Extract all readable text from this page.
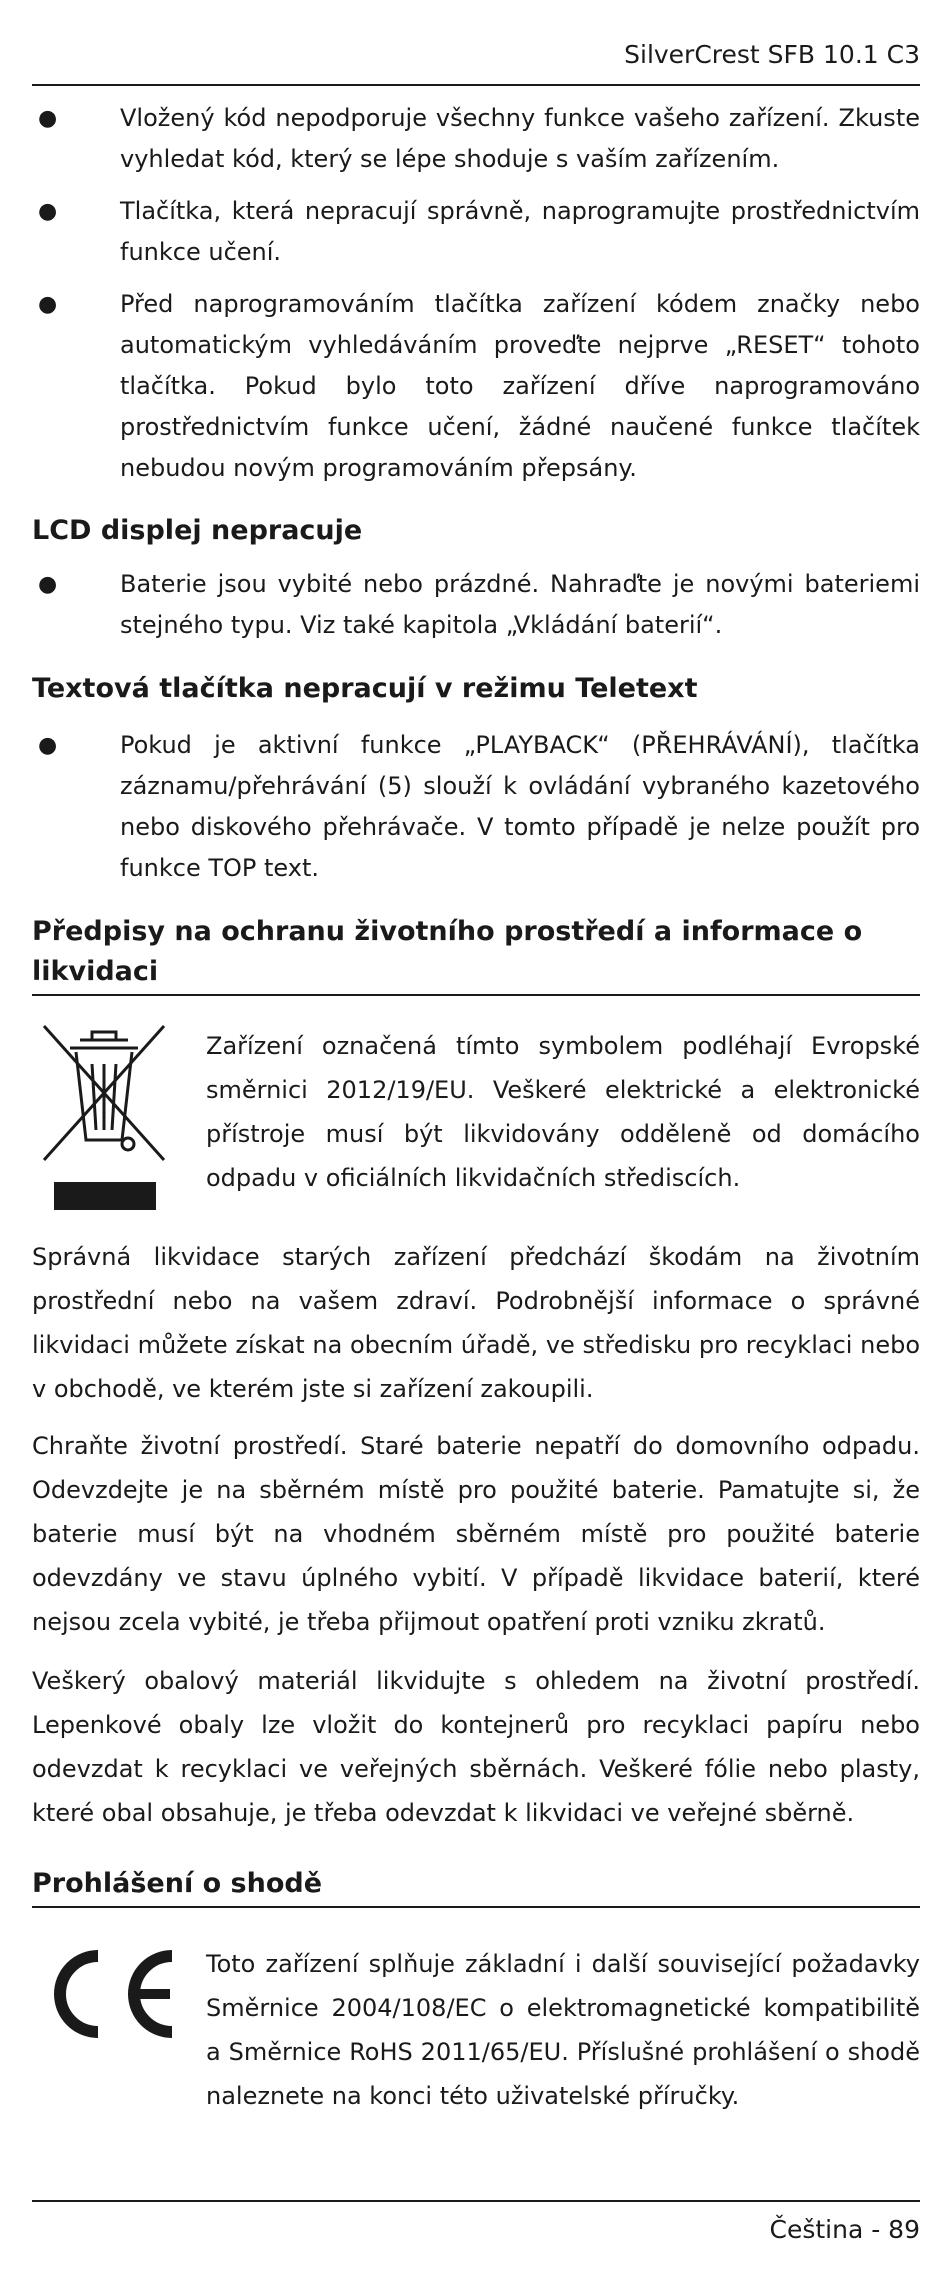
SilverCrest SFB 10.1 C3
●	Vložený kód nepodporuje všechny funkce vašeho zařízení. Zkuste vyhledat kód, který se lépe shoduje s vaším zařízením.
●	Tlačítka, která nepracují správně, naprogramujte prostřednictvím funkce učení.
●	Před naprogramováním tlačítka zařízení kódem značky nebo automatickým vyhledáváním proveďte nejprve „RESET“ tohoto tlačítka. Pokud bylo toto zařízení dříve naprogramováno prostřednictvím funkce učení, žádné naučené funkce tlačítek nebudou novým programováním přepsány.
LCD displej nepracuje
●	Baterie jsou vybité nebo prázdné. Nahraďte je novými bateriemi stejného typu. Viz také kapitola „Vkládání baterií“.
Textová tlačítka nepracují v režimu Teletext
●	Pokud je aktivní funkce „PLAYBACK“ (PŘEHRÁVÁNÍ), tlačítka záznamu/přehrávání (5) slouží k ovládání vybraného kazetového nebo diskového přehrávače. V tomto případě je nelze použít pro funkce TOP text.
Předpisy na ochranu životního prostředí a informace o likvidaci
Zařízení označená tímto symbolem podléhají Evropské směrnici 2012/19/EU. Veškeré elektrické a elektronické přístroje musí být likvidovány odděleně od domácího odpadu v oficiálních likvidačních střediscích.
Správná likvidace starých zařízení předchází škodám na životním prostřední nebo na vašem zdraví. Podrobnější informace o správné likvidaci můžete získat na obecním úřadě, ve středisku pro recyklaci nebo v obchodě, ve kterém jste si zařízení zakoupili.
Chraňte životní prostředí. Staré baterie nepatří do domovního odpadu. Odevzdejte je na sběrném místě pro použité baterie. Pamatujte si, že baterie musí být na vhodném sběrném místě pro použité baterie odevzdány ve stavu úplného vybití. V případě likvidace baterií, které nejsou zcela vybité, je třeba přijmout opatření proti vzniku zkratů.
Veškerý obalový materiál likvidujte s ohledem na životní prostředí. Lepenkové obaly lze vložit do kontejnerů pro recyklaci papíru nebo odevzdat k recyklaci ve veřejných sběrnách. Veškeré fólie nebo plasty, které obal obsahuje, je třeba odevzdat k likvidaci ve veřejné sběrně.
Prohlášení o shodě
Toto zařízení splňuje základní i další související požadavky Směrnice 2004/108/EC o elektromagnetické kompatibilitě a Směrnice RoHS 2011/65/EU. Příslušné prohlášení o shodě naleznete na konci této uživatelské příručky.
Čeština - 89
